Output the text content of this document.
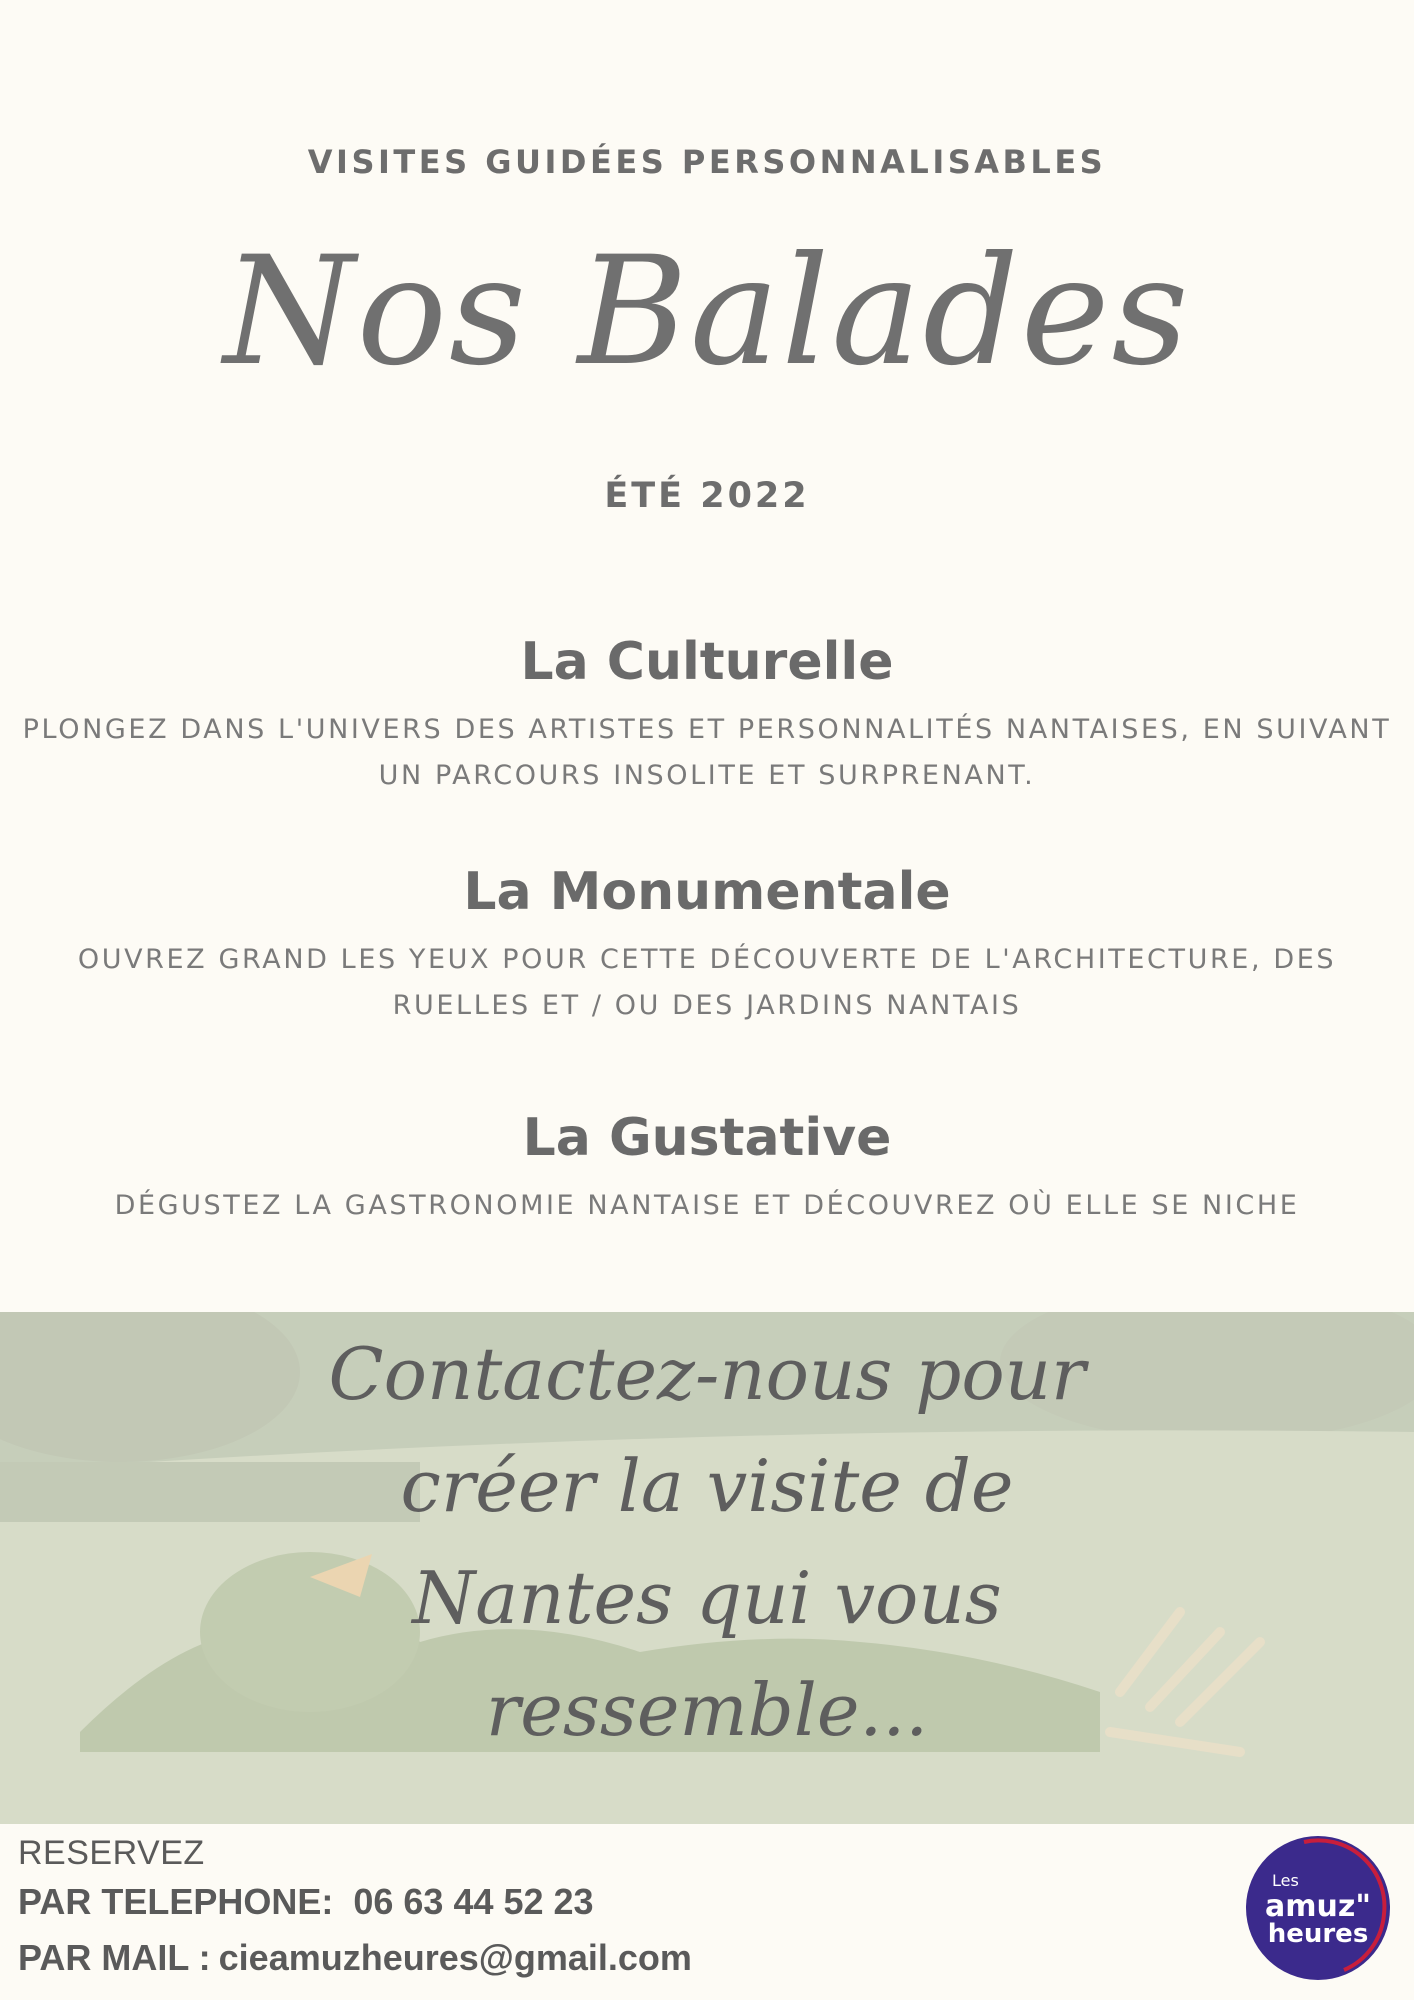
VISITES GUIDÉES PERSONNALISABLES
Nos Balades
ÉTÉ 2022
La Culturelle
PLONGEZ DANS L'UNIVERS DES ARTISTES ET PERSONNALITÉS NANTAISES, EN SUIVANT UN PARCOURS INSOLITE ET SURPRENANT.
La Monumentale
OUVREZ GRAND LES YEUX POUR CETTE DÉCOUVERTE DE L'ARCHITECTURE, DES RUELLES ET / OU DES JARDINS NANTAIS
La Gustative
DÉGUSTEZ LA GASTRONOMIE NANTAISE ET DÉCOUVREZ OÙ ELLE SE NICHE
Contactez-nous pour
créer la visite de
Nantes qui vous
ressemble...
RESERVEZ
PAR TELEPHONE: 06 63 44 52 23
PAR MAIL : cieamuzheures@gmail.com
Les
amuz"
heures
